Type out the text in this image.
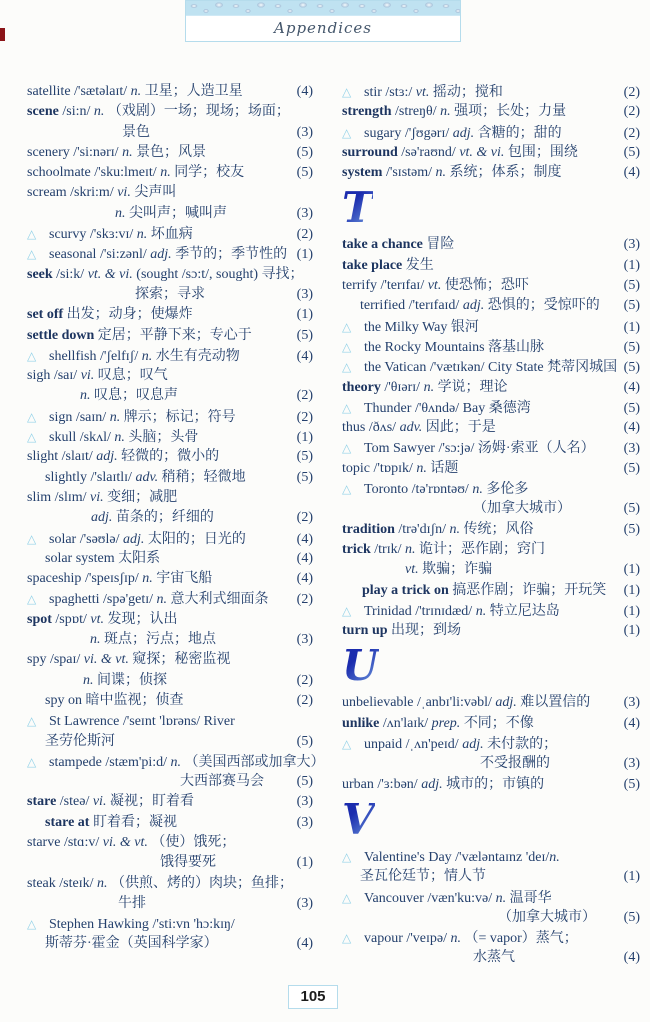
Appendices
satellite /'sætəlaɪt/ n. 卫星；人造卫星	(4)
scene /si:n/ n. （戏剧）一场；现场；场面；
景色	(3)
scenery /'si:nərɪ/ n. 景色；风景	(5)
schoolmate /'sku:lmeɪt/ n. 同学；校友	(5)
scream /skri:m/ vi. 尖声叫
n. 尖叫声；喊叫声	(3)
△ scurvy /'skɜ:vɪ/ n. 坏血病	(2)
△ seasonal /'si:zənl/ adj. 季节的；季节性的 (1)
seek /si:k/ vt. & vi. (sought /sɔ:t/, sought) 寻找；
探索；寻求	(3)
set off 出发；动身；使爆炸	(1)
settle down 定居；平静下来；专心于	(5)
△ shellfish /'ʃelfɪʃ/ n. 水生有壳动物	(4)
sigh /saɪ/ vi. 叹息；叹气
n. 叹息；叹息声	(2)
△ sign /saɪn/ n. 牌示；标记；符号	(2)
△ skull /skʌl/ n. 头脑；头骨	(1)
slight /slaɪt/ adj. 轻微的；微小的	(5)
slightly /'slaɪtlɪ/ adv. 稍稍；轻微地	(5)
slim /slɪm/ vi. 变细；减肥
adj. 苗条的；纤细的	(2)
△ solar /'səʊlə/ adj. 太阳的；日光的	(4)
solar system 太阳系	(4)
spaceship /'speɪsʃɪp/ n. 宇宙飞船	(4)
△ spaghetti /spə'getɪ/ n. 意大利式细面条 (2)
spot /spɒt/ vt. 发现；认出
n. 斑点；污点；地点	(3)
spy /spaɪ/ vi. & vt. 窥探；秘密监视
n. 间谍；侦探	(2)
spy on 暗中监视；侦查	(2)
△ St Lawrence /'seɪnt 'lɒrəns/ River
圣劳伦斯河	(5)
△ stampede /stæm'pi:d/ n. （美国西部或加拿大）
大西部赛马会 (5)
stare /steə/ vi. 凝视；盯着看	(3)
stare at 盯着看；凝视	(3)
starve /stɑ:v/ vi. & vt. （使）饿死；
饿得要死	(1)
steak /steɪk/ n. （供煎、烤的）肉块；鱼排；
牛排	(3)
△ Stephen Hawking /'sti:vn 'hɔ:kɪŋ/
斯蒂芬·霍金（英国科学家）	(4)
△ stir /stɜ:/ vt. 摇动；搅和	(2)
strength /streŋθ/ n. 强项；长处；力量	(2)
△ sugary /'ʃʊgərɪ/ adj. 含糖的；甜的	(2)
surround /sə'raʊnd/ vt. & vi. 包围；围绕	(5)
system /'sɪstəm/ n. 系统；体系；制度	(4)
T
take a chance 冒险	(3)
take place 发生	(1)
terrify /'terɪfaɪ/ vt. 使恐怖；恐吓	(5)
terrified /'terɪfaɪd/ adj. 恐惧的；受惊吓的 (5)
△ the Milky Way 银河	(1)
△ the Rocky Mountains 落基山脉	(5)
△ the Vatican /'vætɪkən/ City State 梵蒂冈城国 (5)
theory /'θɪərɪ/ n. 学说；理论	(4)
△ Thunder /'θʌndə/ Bay 桑德湾	(5)
thus /ðʌs/ adv. 因此；于是	(4)
△ Tom Sawyer /'sɔ:jə/ 汤姆·索亚（人名） (3)
topic /'tɒpɪk/ n. 话题	(5)
△ Toronto /tə'rɒntəʊ/ n. 多伦多
（加拿大城市）	(5)
tradition /trə'dɪʃn/ n. 传统；风俗	(5)
trick /trɪk/ n. 诡计；恶作剧；窍门
vt. 欺骗；诈骗	(1)
play a trick on 搞恶作剧；诈骗；开玩笑 (1)
△ Trinidad /'trɪnɪdæd/ n. 特立尼达岛	(1)
turn up 出现；到场	(1)
U
unbelievable /ˌanbɪ'li:vəbl/ adj. 难以置信的 (3)
unlike /ʌn'laɪk/ prep. 不同；不像	(4)
△ unpaid /ˌʌn'peɪd/ adj. 未付款的；
不受报酬的	(3)
urban /'ɜ:bən/ adj. 城市的；市镇的	(5)
V
△ Valentine's Day /'væləntaɪnz 'deɪ/n.
圣瓦伦廷节；情人节	(1)
△ Vancouver /væn'ku:və/ n. 温哥华
（加拿大城市） (5)
△ vapour /'veɪpə/ n. （= vapor）蒸气；
水蒸气	(4)
105
